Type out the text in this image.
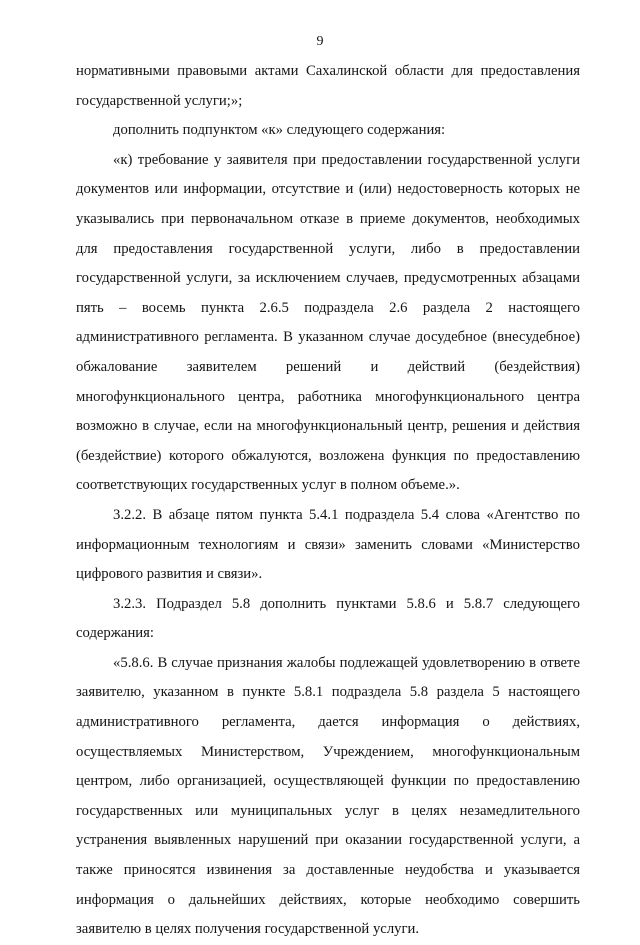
9

нормативными правовыми актами Сахалинской области для предоставления государственной услуги;»;

дополнить подпунктом «к» следующего содержания:

«к) требование у заявителя при предоставлении государственной услуги документов или информации, отсутствие и (или) недостоверность которых не указывались при первоначальном отказе в приеме документов, необходимых для предоставления государственной услуги, либо в предоставлении государственной услуги, за исключением случаев, предусмотренных абзацами пять – восемь пункта 2.6.5 подраздела 2.6 раздела 2 настоящего административного регламента. В указанном случае досудебное (внесудебное) обжалование заявителем решений и действий (бездействия) многофункционального центра, работника многофункционального центра возможно в случае, если на многофункциональный центр, решения и действия (бездействие) которого обжалуются, возложена функция по предоставлению соответствующих государственных услуг в полном объеме.».

3.2.2. В абзаце пятом пункта 5.4.1 подраздела 5.4 слова «Агентство по информационным технологиям и связи» заменить словами «Министерство цифрового развития и связи».

3.2.3. Подраздел 5.8 дополнить пунктами 5.8.6 и 5.8.7 следующего содержания:

«5.8.6. В случае признания жалобы подлежащей удовлетворению в ответе заявителю, указанном в пункте 5.8.1 подраздела 5.8 раздела 5 настоящего административного регламента, дается информация о действиях, осуществляемых Министерством, Учреждением, многофункциональным центром, либо организацией, осуществляющей функции по предоставлению государственных или муниципальных услуг в целях незамедлительного устранения выявленных нарушений при оказании государственной услуги, а также приносятся извинения за доставленные неудобства и указывается информация о дальнейших действиях, которые необходимо совершить заявителю в целях получения государственной услуги.
